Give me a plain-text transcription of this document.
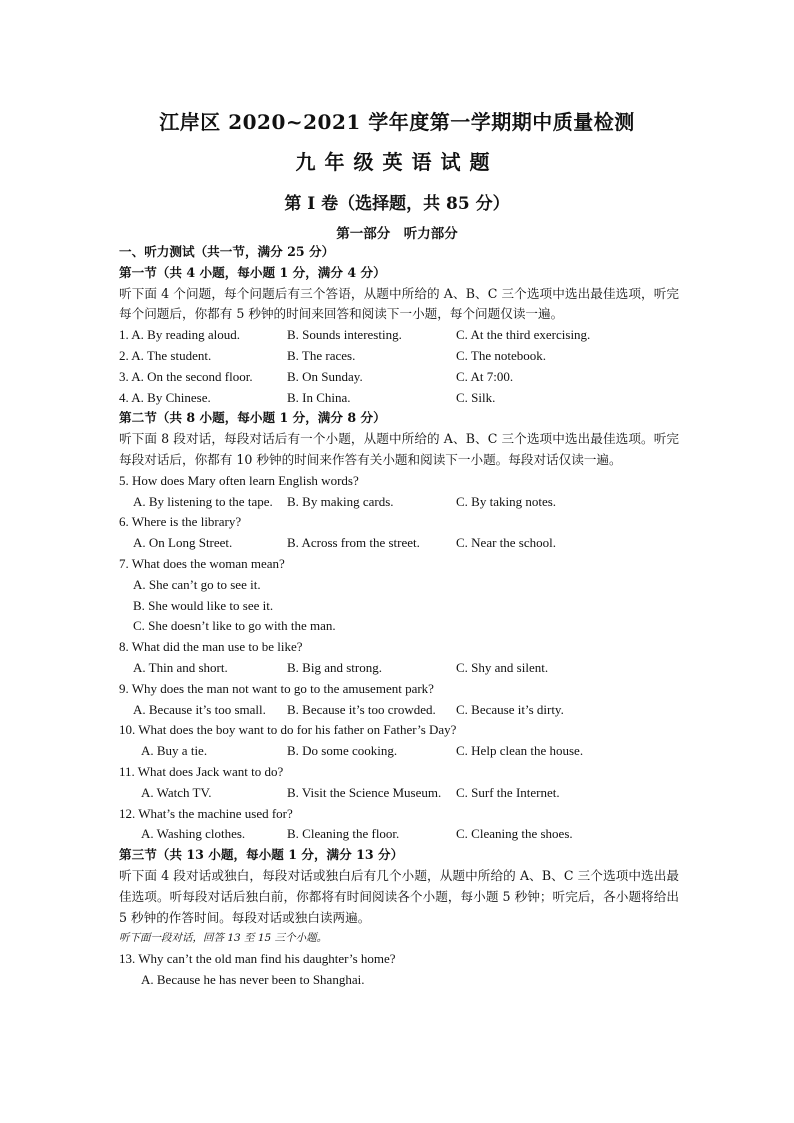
江岸区 2020~2021 学年度第一学期期中质量检测
九年级英语试题
第 I 卷（选择题，共 85 分）
第一部分　听力部分
一、听力测试（共一节，满分 25 分）
第一节（共 4 小题，每小题 1 分，满分 4 分）
听下面 4 个问题，每个问题后有三个答语，从题中所给的 A、B、C 三个选项中选出最佳选项，听完每个问题后，你都有 5 秒钟的时间来回答和阅读下一小题，每个问题仅读一遍。
1. A. By reading aloud.	B. Sounds interesting.	C. At the third exercising.
2. A. The student.	B. The races.	C. The notebook.
3. A. On the second floor.	B. On Sunday.	C. At 7:00.
4. A. By Chinese.	B. In China.	C. Silk.
第二节（共 8 小题，每小题 1 分，满分 8 分）
听下面 8 段对话，每段对话后有一个小题，从题中所给的 A、B、C 三个选项中选出最佳选项。听完每段对话后，你都有 10 秒钟的时间来作答有关小题和阅读下一小题。每段对话仅读一遍。
5. How does Mary often learn English words?
A. By listening to the tape.	B. By making cards.	C. By taking notes.
6. Where is the library?
A. On Long Street.	B. Across from the street.	C. Near the school.
7. What does the woman mean?
A. She can’t go to see it.
B. She would like to see it.
C. She doesn’t like to go with the man.
8. What did the man use to be like?
A. Thin and short.	B. Big and strong.	C. Shy and silent.
9. Why does the man not want to go to the amusement park?
A. Because it’s too small.	B. Because it’s too crowded.	C. Because it’s dirty.
10. What does the boy want to do for his father on Father’s Day?
A. Buy a tie.	B. Do some cooking.	C. Help clean the house.
11. What does Jack want to do?
A. Watch TV.	B. Visit the Science Museum.	C. Surf the Internet.
12. What’s the machine used for?
A. Washing clothes.	B. Cleaning the floor.	C. Cleaning the shoes.
第三节（共 13 小题，每小题 1 分，满分 13 分）
听下面 4 段对话或独白，每段对话或独白后有几个小题，从题中所给的 A、B、C 三个选项中选出最佳选项。听每段对话后独白前，你都将有时间阅读各个小题，每小题 5 秒钟；听完后，各小题将给出 5 秒钟的作答时间。每段对话或独白读两遍。
听下面一段对话，回答 13 至 15 三个小题。
13. Why can’t the old man find his daughter’s home?
A. Because he has never been to Shanghai.
